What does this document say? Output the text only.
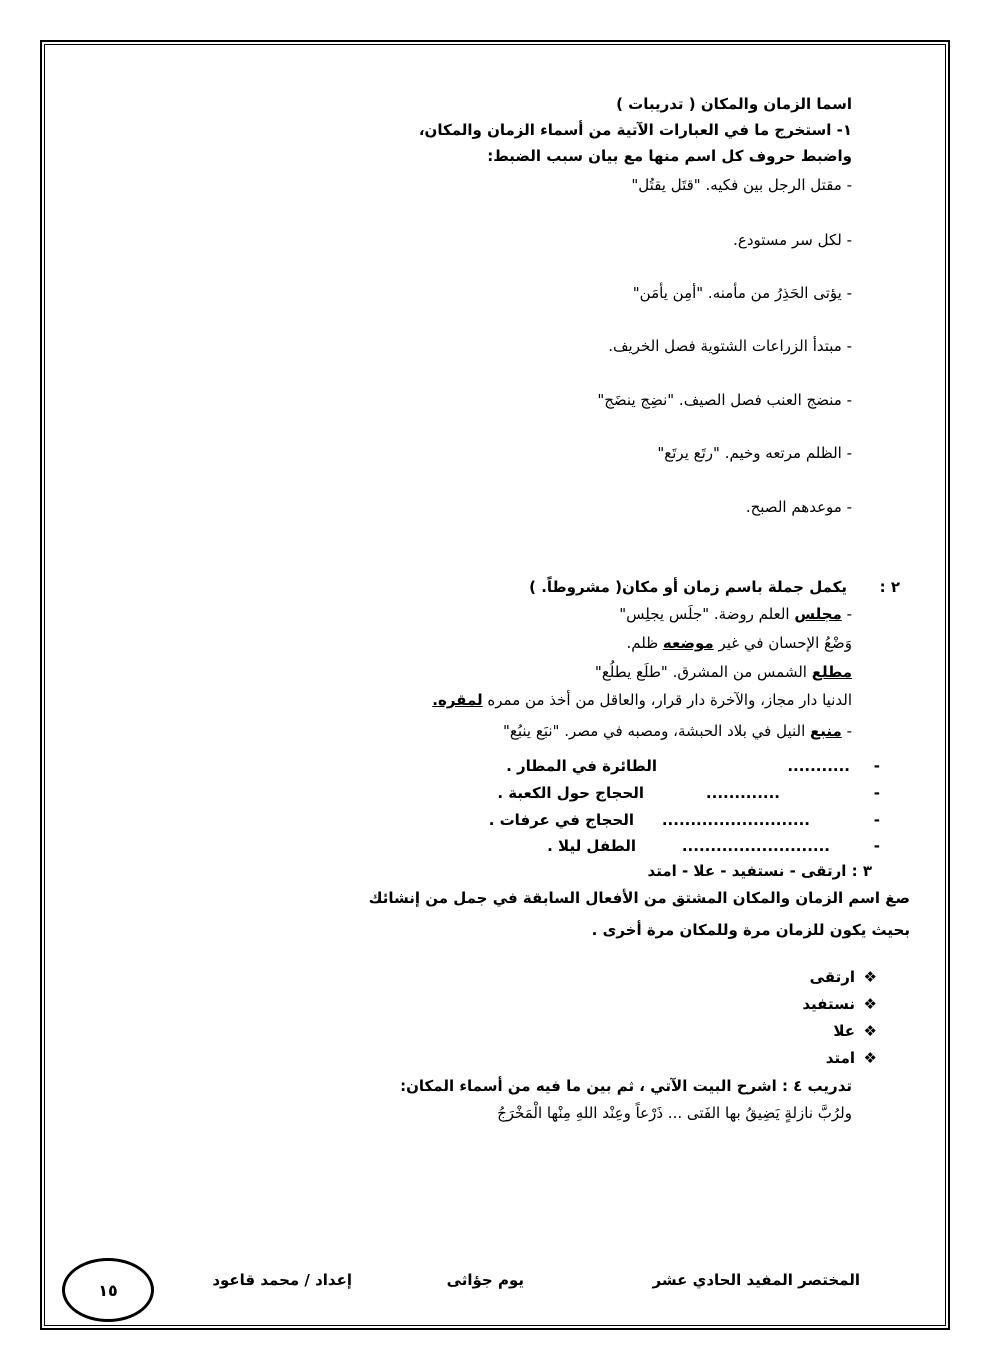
اسما الزمان والمكان ( تدريبات )
١- استخرج ما في العبارات الآتية من أسماء الزمان والمكان،
واضبط حروف كل اسم منها مع بيان سبب الضبط:
- مقتل الرجل بين فكيه. "قتَل يقتُل"
- لكل سر مستودع.
- يؤتى الحَذِرُ من مأمنه. "أمِن يأمَن"
- مبتدأ الزراعات الشتوية فصل الخريف.
- منضج العنب فصل الصيف. "نضِج ينضَج"
- الظلم مرتعه وخيم. "رتَع يرتَع"
- موعدهم الصبح.
٢ :
يكمل جملة باسم زمان أو مكان( مشروطاً. )
- مجلس العلم روضة. "جلَس يجلِس"
وَضْعُ الإحسان في غير موضعه ظلم.
مطلع الشمس من المشرق. "طلَع يطلُع"
الدنيا دار مجاز، والآخرة دار قرار، والعاقل من أخذ من ممره لمقره.
- منبع النيل في بلاد الحبشة، ومصبه في مصر. "نبَع ينبُع"
-
...........
الطائرة في المطار .
-
.............
الحجاج حول الكعبة .
-
..........................
الحجاج في عرفات .
-
..........................
الطفل ليلا .
٣ : ارتقى - نستفيد - علا - امتد
صغ اسم الزمان والمكان المشتق من الأفعال السابقة في جمل من إنشائك
بحيث يكون للزمان مرة وللمكان مرة أخرى .
❖ارتقى
❖نستفيد
❖علا
❖امتد
تدريب ٤ : اشرح البيت الآتي ، ثم بين ما فيه من أسماء المكان:
ولرُبَّ نازلةٍ يَضِيقُ بها الفَتى ... ذَرْعاً وعِنْد اللهِ مِنْها الْمَخْرَجُ
المختصر المفيد الحادي عشر
يوم جؤاثى
إعداد / محمد قاعود
١٥
